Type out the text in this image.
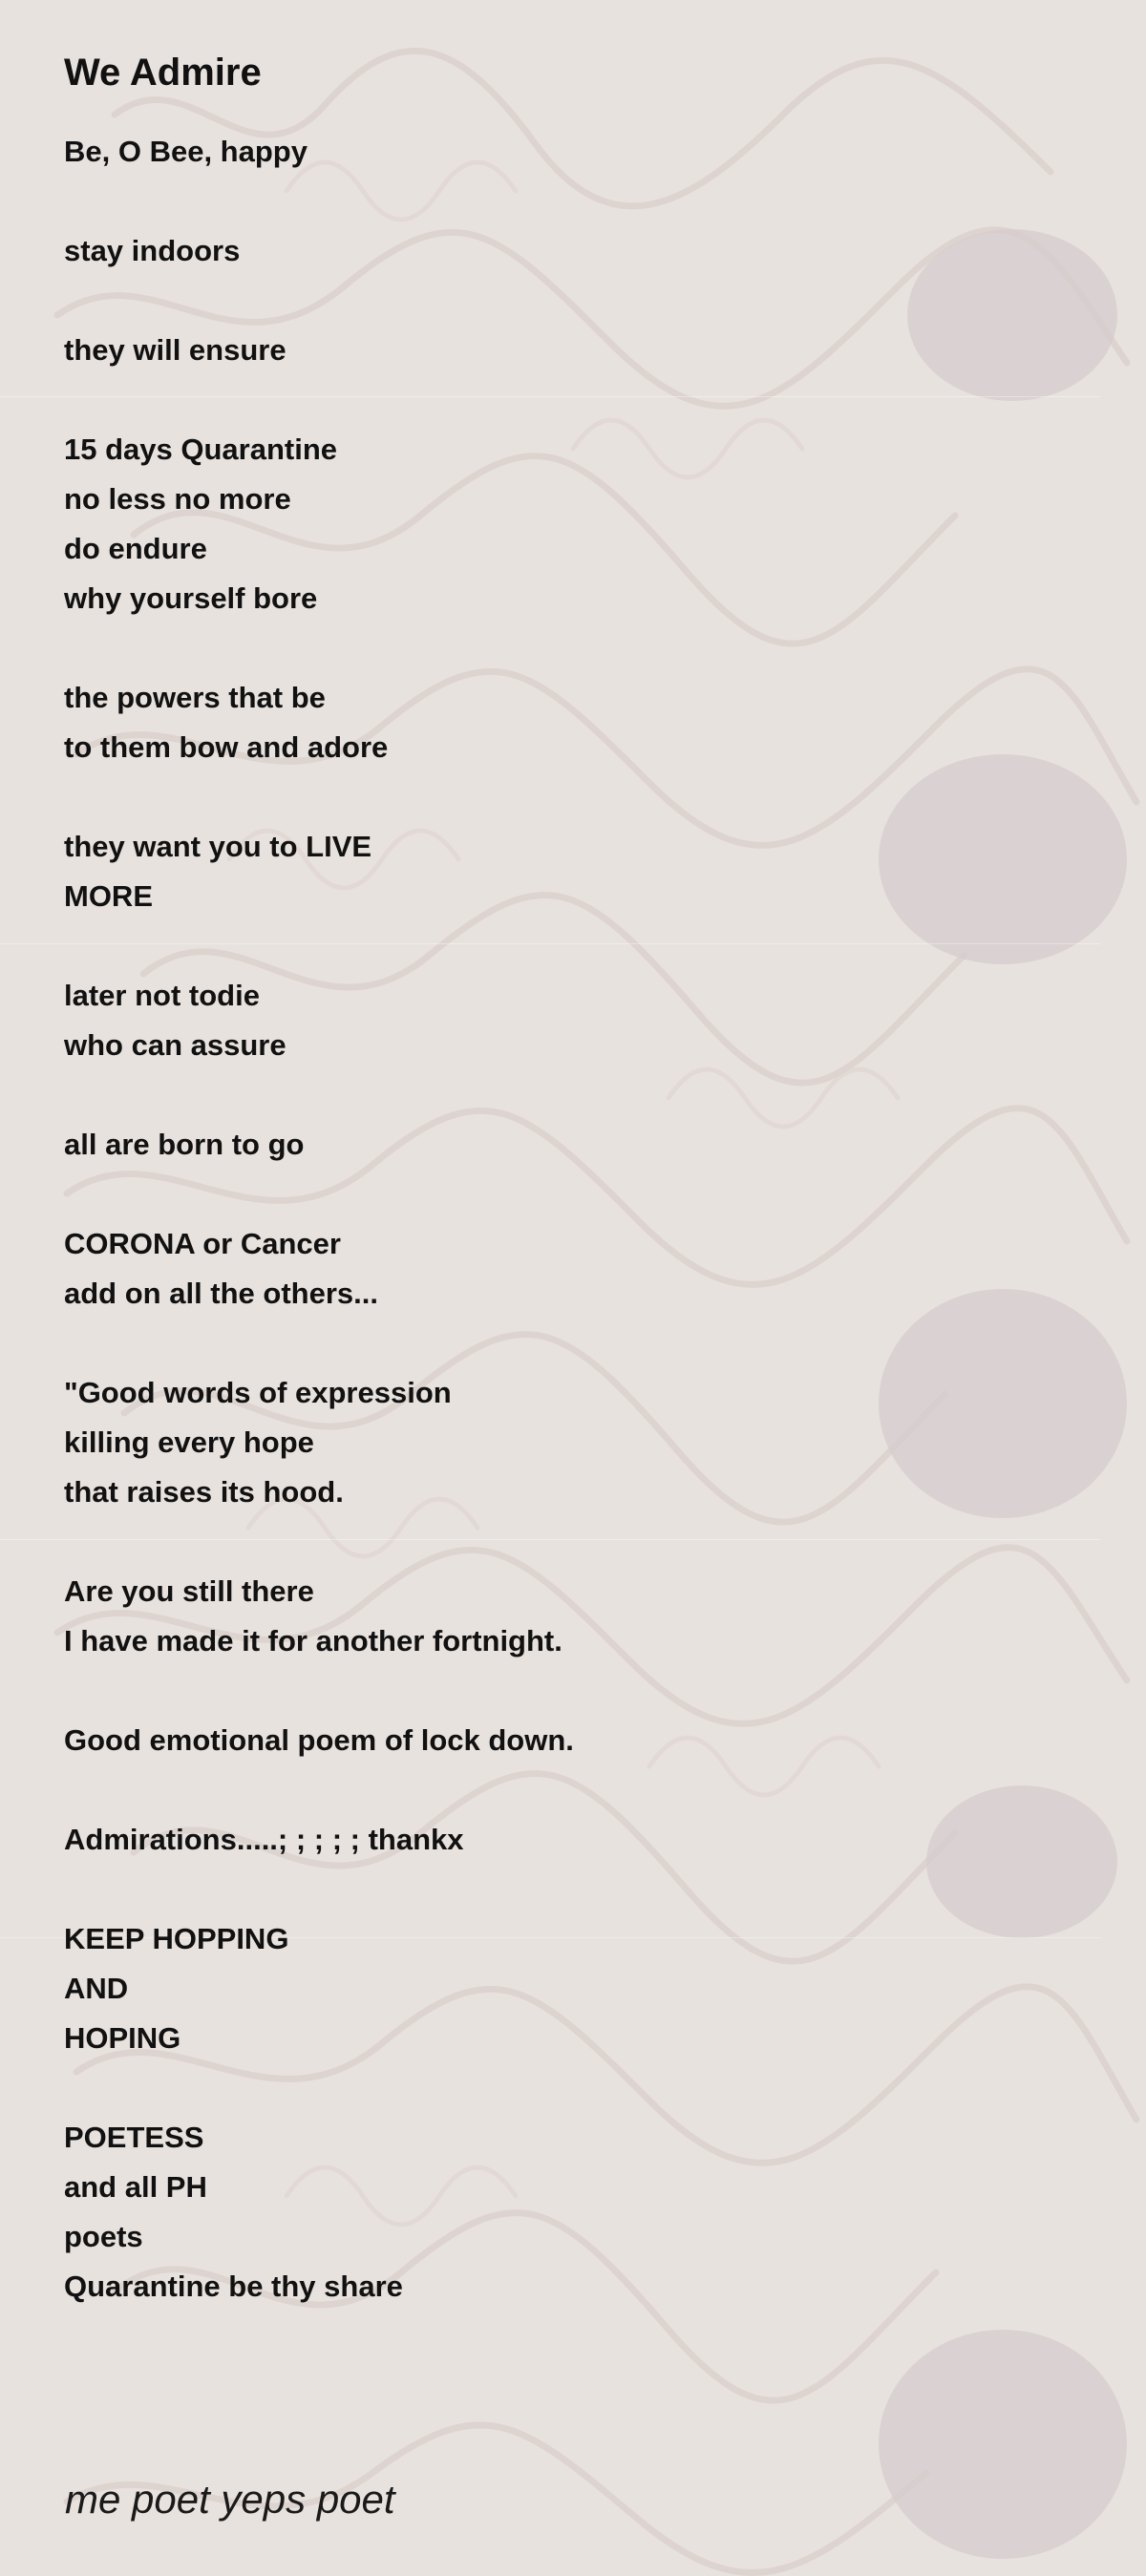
We Admire

Be, O Bee, happy

stay indoors

they will ensure

15 days Quarantine

no less no more

do endure

why yourself bore

the powers that be

to them bow and adore

they want you to LIVE

MORE

later not todie

who can assure

all are born to go

CORONA or Cancer

add on all the others...

"Good words of expression

killing every hope

that raises its hood.

Are you still there

I have made it for another fortnight.

Good emotional poem of lock down.

Admirations.....; ; ; ; ; thankx

KEEP HOPPING

AND

HOPING

POETESS

and all PH

poets

Quarantine be thy share

me poet yeps poet
